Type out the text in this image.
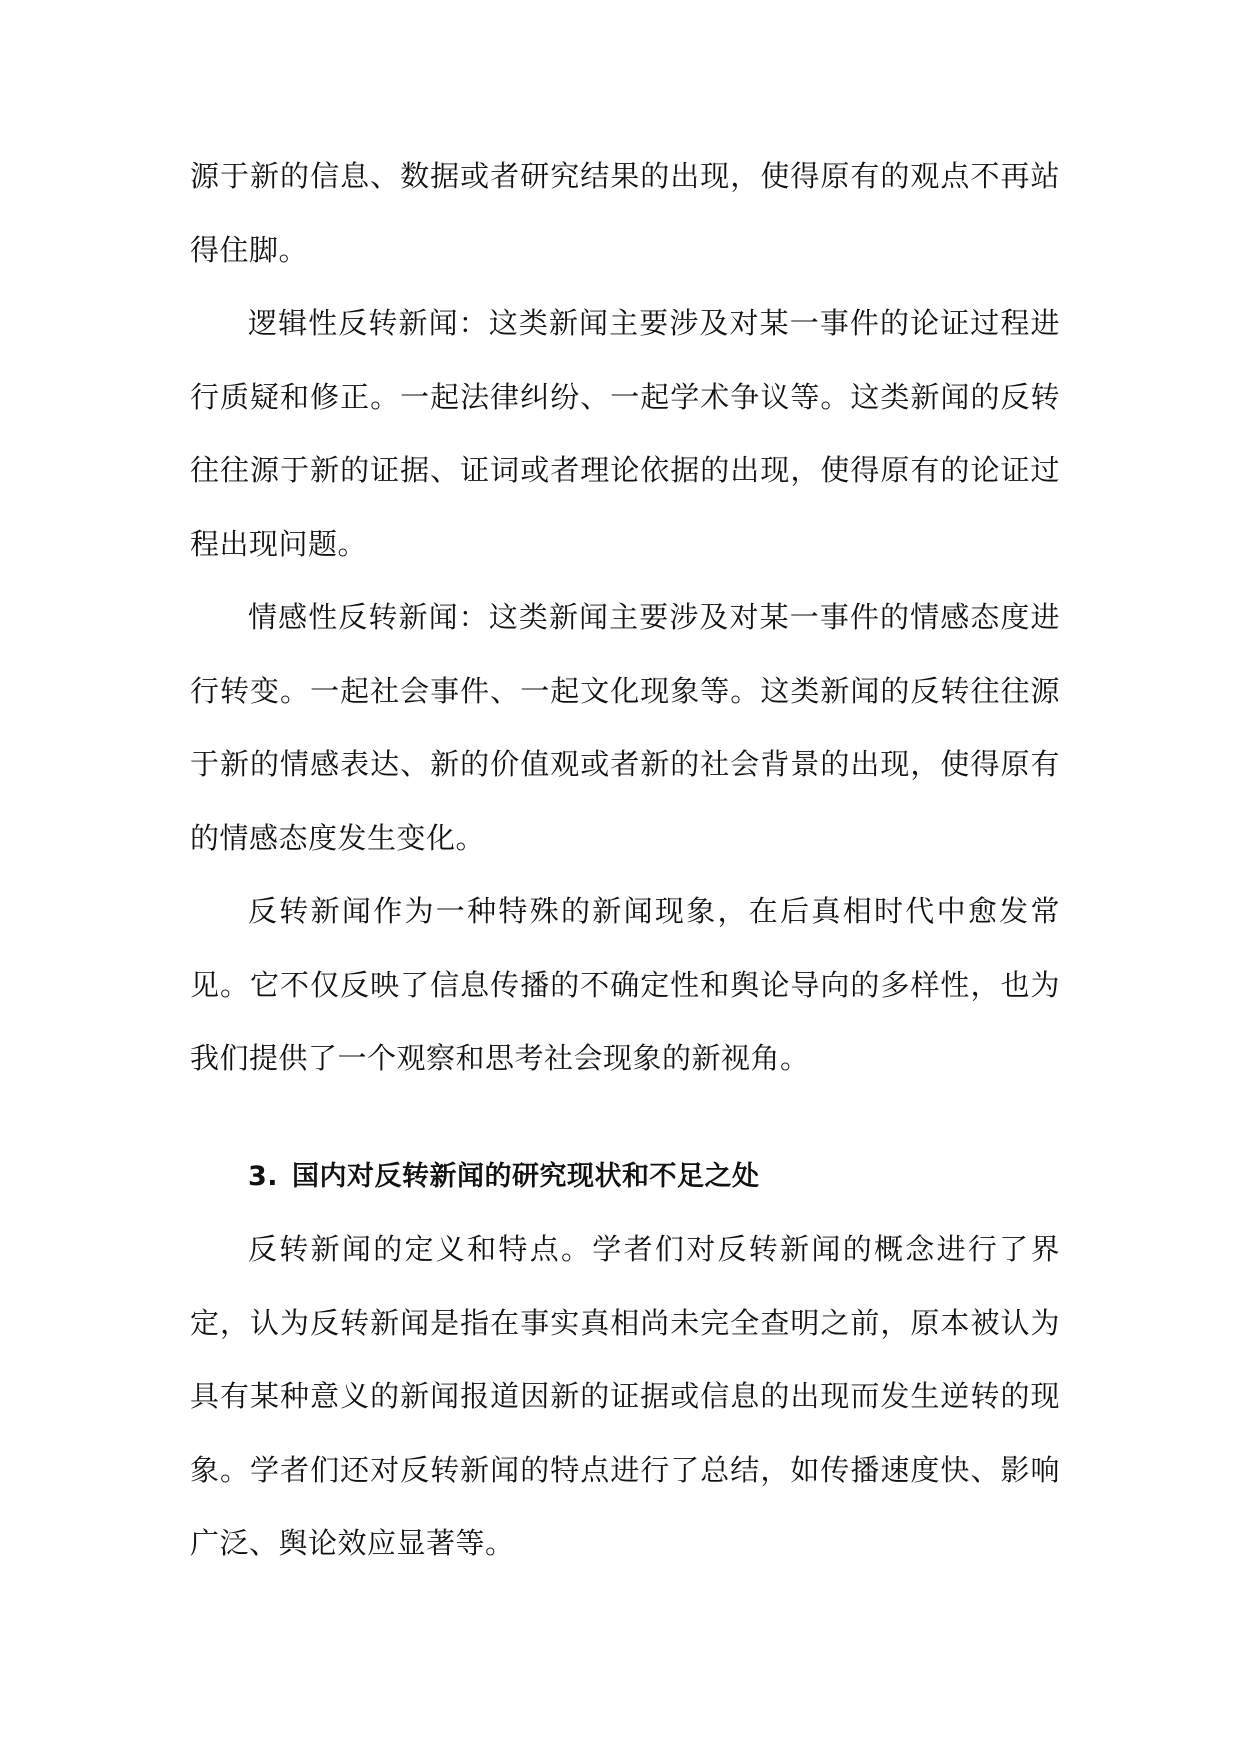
源于新的信息、数据或者研究结果的出现，使得原有的观点不再站得住脚。

逻辑性反转新闻：这类新闻主要涉及对某一事件的论证过程进行质疑和修正。一起法律纠纷、一起学术争议等。这类新闻的反转往往源于新的证据、证词或者理论依据的出现，使得原有的论证过程出现问题。

情感性反转新闻：这类新闻主要涉及对某一事件的情感态度进行转变。一起社会事件、一起文化现象等。这类新闻的反转往往源于新的情感表达、新的价值观或者新的社会背景的出现，使得原有的情感态度发生变化。

反转新闻作为一种特殊的新闻现象，在后真相时代中愈发常见。它不仅反映了信息传播的不确定性和舆论导向的多样性，也为我们提供了一个观察和思考社会现象的新视角。

3. 国内对反转新闻的研究现状和不足之处

反转新闻的定义和特点。学者们对反转新闻的概念进行了界定，认为反转新闻是指在事实真相尚未完全查明之前，原本被认为具有某种意义的新闻报道因新的证据或信息的出现而发生逆转的现象。学者们还对反转新闻的特点进行了总结，如传播速度快、影响广泛、舆论效应显著等。
